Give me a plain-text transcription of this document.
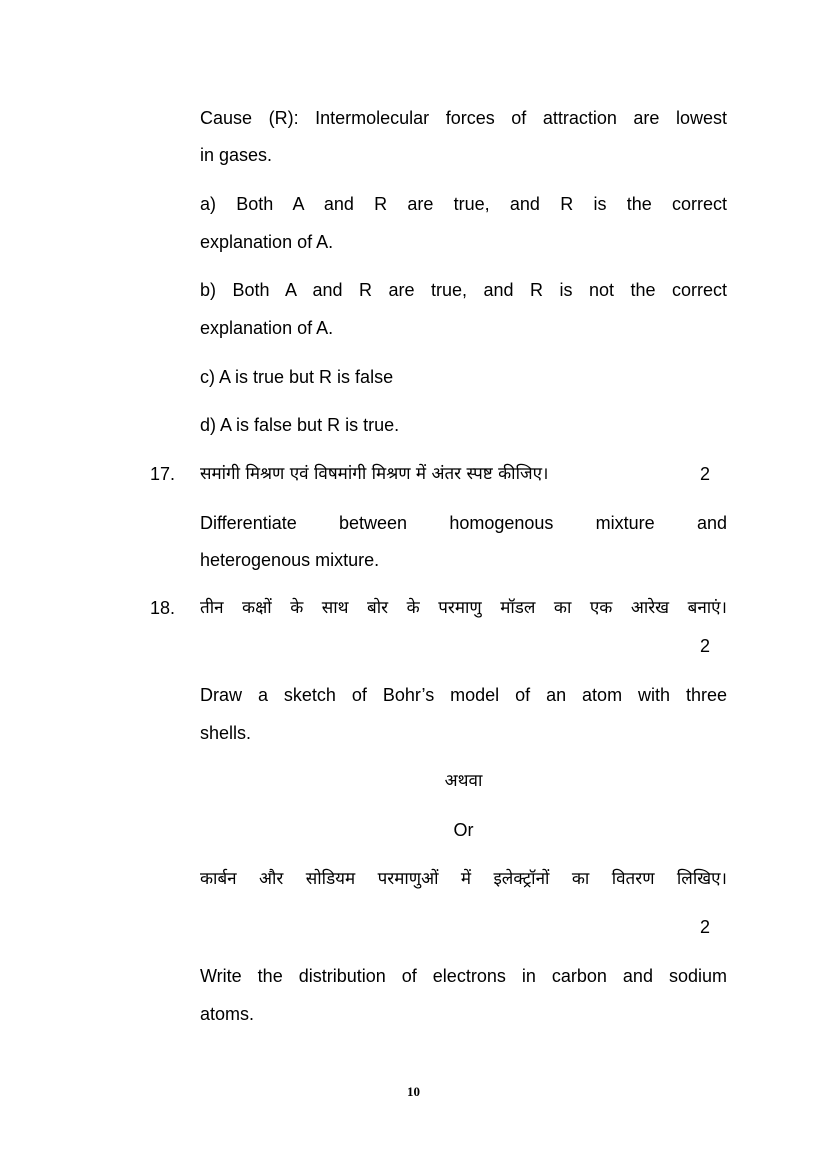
Cause (R): Intermolecular forces of attraction are lowest
in gases.
a) Both A and R are true, and R is the correct
explanation of A.
b) Both A and R are true, and R is not the correct
explanation of A.
c) A is true but R is false
d) A is false but R is true.
17. समांगी मिश्रण एवं विषमांगी मिश्रण में अंतर स्पष्ट कीजिए।	2
Differentiate between homogenous mixture and
heterogenous mixture.
18. तीन कक्षों के साथ बोर के परमाणु मॉडल का एक आरेख बनाएं।
2
Draw a sketch of Bohr’s model of an atom with three
shells.
अथवा
Or
कार्बन और सोडियम परमाणुओं में इलेक्ट्रॉनों का वितरण लिखिए।
2
Write the distribution of electrons in carbon and sodium
atoms.
10
